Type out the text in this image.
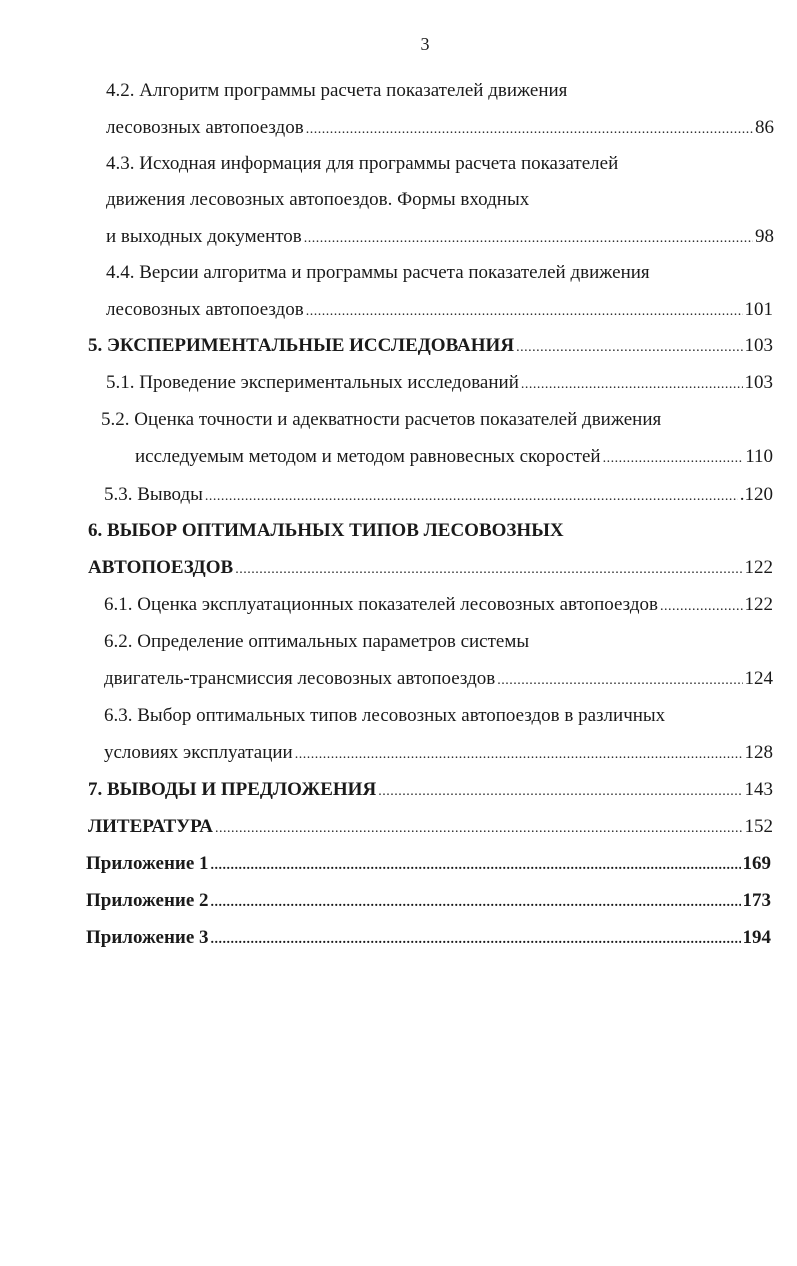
3
4.2. Алгоритм программы расчета показателей движения
лесовозных автопоездов .....	86
4.3. Исходная информация для программы расчета показателей
движения лесовозных автопоездов. Формы входных
и выходных документов .....	98
4.4. Версии алгоритма и программы расчета показателей движения
лесовозных автопоездов .....	101
5. ЭКСПЕРИМЕНТАЛЬНЫЕ ИССЛЕДОВАНИЯ .....	103
5.1. Проведение экспериментальных исследований .....	103
5.2. Оценка точности и адекватности расчетов показателей движения
исследуемым методом и методом равновесных скоростей .....	110
5.3. Выводы .....	.120
6. ВЫБОР ОПТИМАЛЬНЫХ ТИПОВ ЛЕСОВОЗНЫХ
АВТОПОЕЗДОВ .....	122
6.1. Оценка эксплуатационных показателей лесовозных автопоездов .....	122
6.2. Определение оптимальных параметров системы
двигатель-трансмиссия лесовозных автопоездов .....	124
6.3. Выбор оптимальных типов лесовозных автопоездов в различных
условиях эксплуатации .....	128
7. ВЫВОДЫ И ПРЕДЛОЖЕНИЯ .....	143
ЛИТЕРАТУРА .....	152
Приложение 1 .....	169
Приложение 2 .....	173
Приложение 3 .....	194
